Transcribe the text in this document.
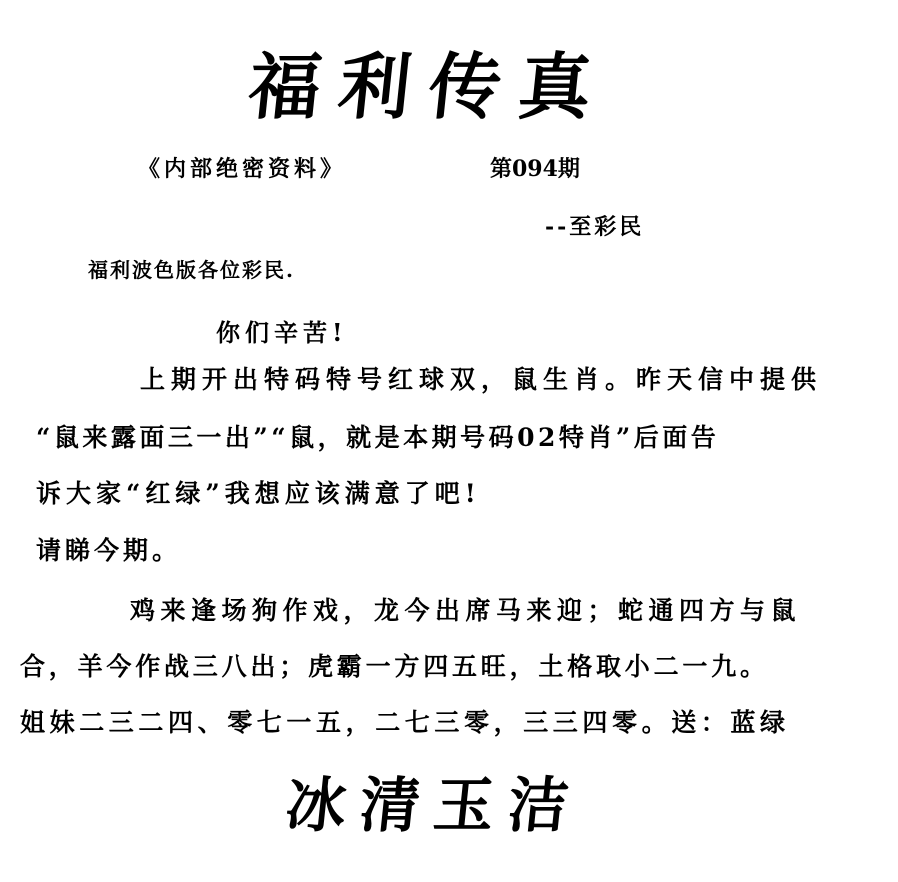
福利传真
《内部绝密资料》	第094期
--至彩民
福利波色版各位彩民.
你们辛苦!
上期开出特码特号红球双，鼠生肖。昨天信中提供
“鼠来露面三一出”“鼠，就是本期号码02特肖”后面告
诉大家“红绿”我想应该满意了吧!
请睇今期。
鸡来逢场狗作戏，龙今出席马来迎；蛇通四方与鼠
合，羊今作战三八出；虎霸一方四五旺，土格取小二一九。
姐妹二三二四、零七一五，二七三零，三三四零。送：蓝绿
冰清玉洁
